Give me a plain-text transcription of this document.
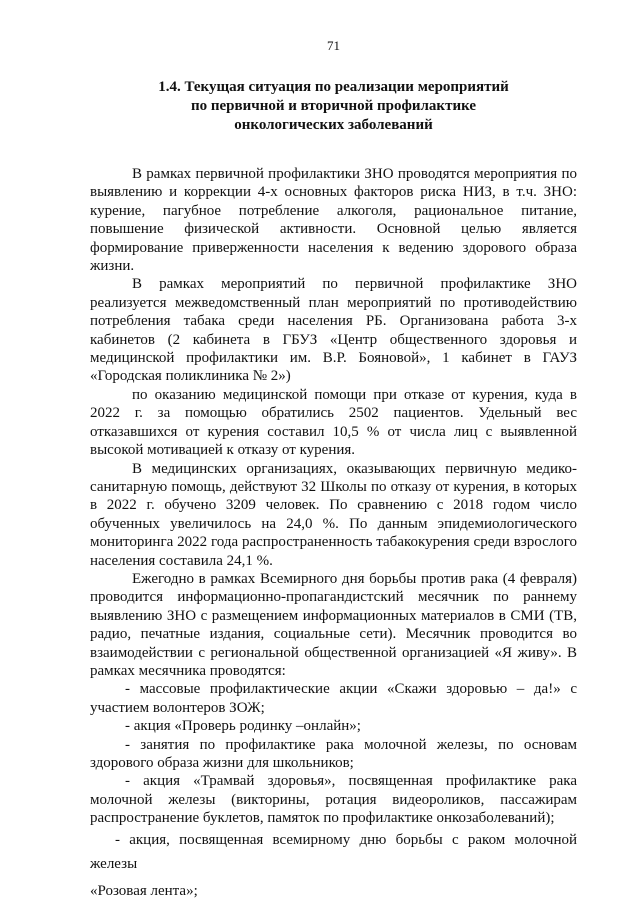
71
1.4. Текущая ситуация по реализации мероприятий
по первичной и вторичной профилактике
онкологических заболеваний

В рамках первичной профилактики ЗНО проводятся мероприятия по выявлению и коррекции 4-х основных факторов риска НИЗ, в т.ч. ЗНО: курение, пагубное потребление алкоголя, рациональное питание, повышение физической активности. Основной целью является формирование приверженности населения к ведению здорового образа жизни.

В рамках мероприятий по первичной профилактике ЗНО реализуется межведомственный план мероприятий по противодействию потребления табака среди населения РБ. Организована работа 3-х кабинетов (2 кабинета в ГБУЗ «Центр общественного здоровья и медицинской профилактики им. В.Р. Бояновой», 1 кабинет в ГАУЗ «Городская поликлиника № 2»)

по оказанию медицинской помощи при отказе от курения, куда в 2022 г. за помощью обратились 2502 пациентов. Удельный вес отказавшихся от курения составил 10,5 % от числа лиц с выявленной высокой мотивацией к отказу от курения.

В медицинских организациях, оказывающих первичную медико-санитарную помощь, действуют 32 Школы по отказу от курения, в которых в 2022 г. обучено 3209 человек. По сравнению с 2018 годом число обученных увеличилось на 24,0 %. По данным эпидемиологического мониторинга 2022 года распространенность табакокурения среди взрослого населения составила 24,1 %.

Ежегодно в рамках Всемирного дня борьбы против рака (4 февраля) проводится информационно-пропагандистский месячник по раннему выявлению ЗНО с размещением информационных материалов в СМИ (ТВ, радио, печатные издания, социальные сети). Месячник проводится во взаимодействии с региональной общественной организацией «Я живу». В рамках месячника проводятся:

- массовые профилактические акции «Скажи здоровью – да!» с участием волонтеров ЗОЖ;

- акция «Проверь родинку –онлайн»;

- занятия по профилактике рака молочной железы, по основам здорового образа жизни для школьников;

- акция «Трамвай здоровья», посвященная профилактике рака молочной железы (викторины, ротация видеороликов, пассажирам распространение буклетов, памяток по профилактике онкозаболеваний);

- акция, посвященная всемирному дню борьбы с раком молочной железы

«Розовая лента»;
